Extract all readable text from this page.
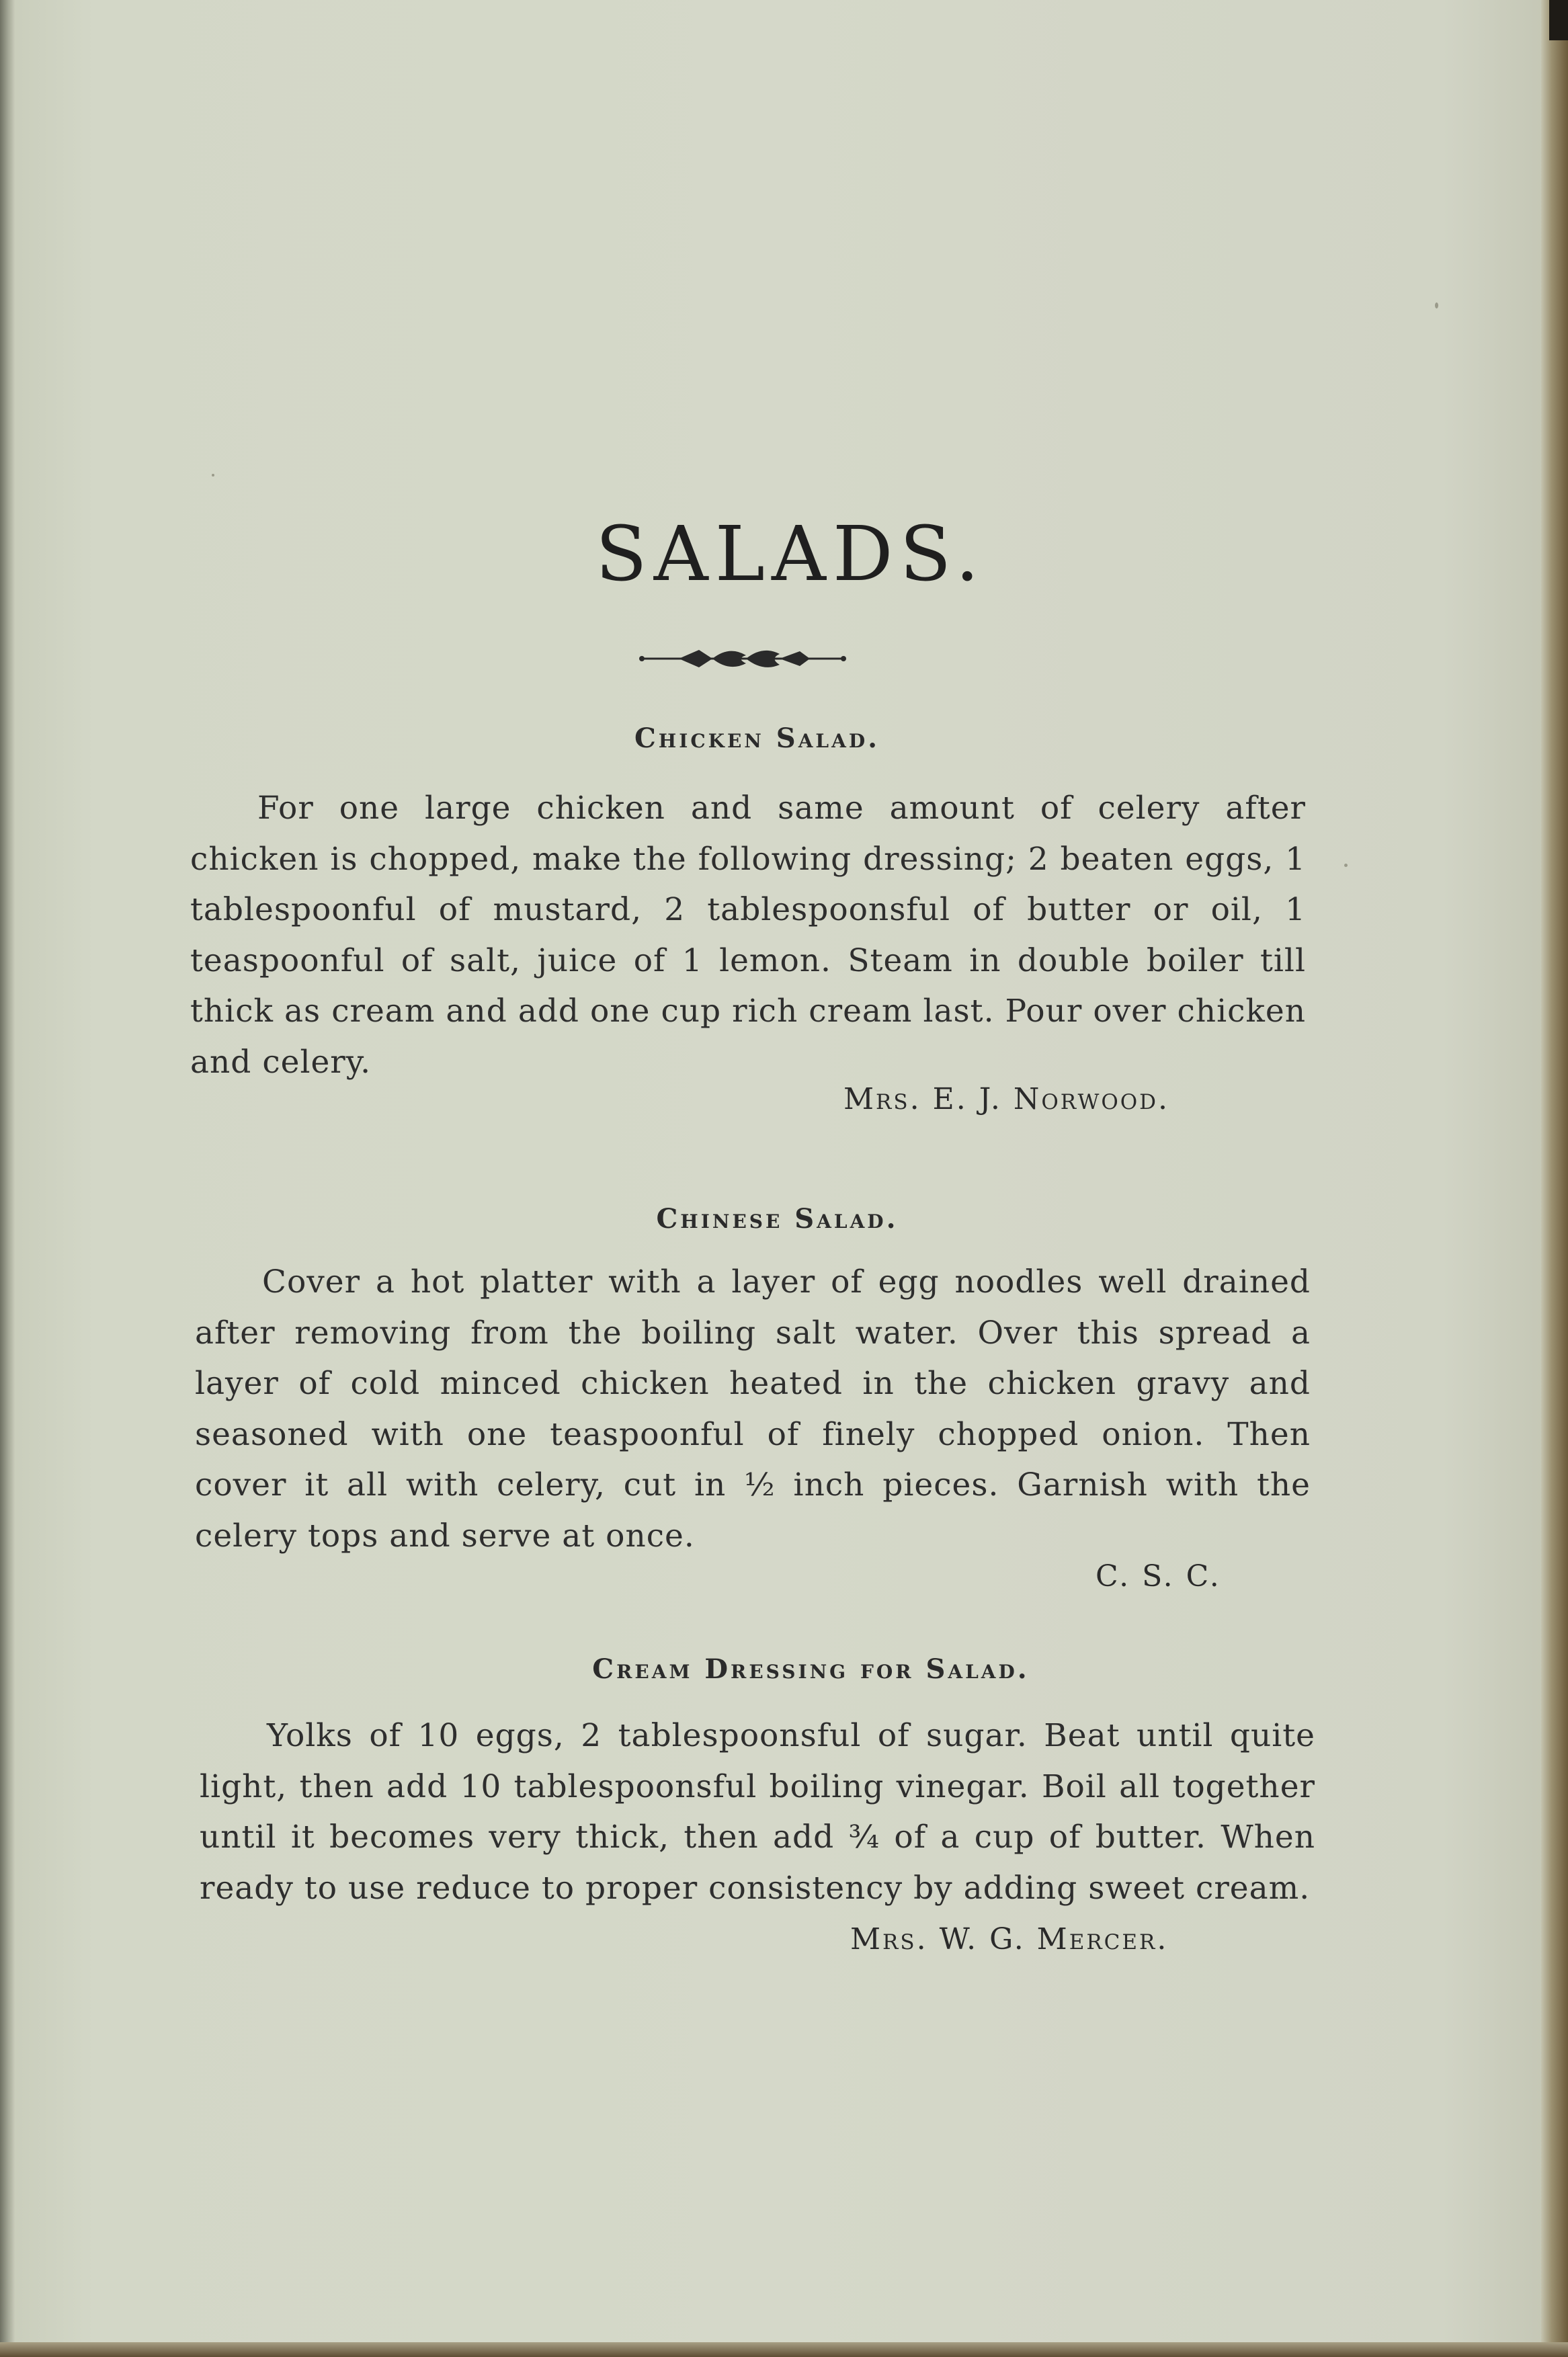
SALADS.
Chicken Salad.
For one large chicken and same amount of celery after chicken is chopped, make the following dressing; 2 beaten eggs, 1 tablespoonful of mustard, 2 tablespoonsful of butter or oil, 1 teaspoonful of salt, juice of 1 lemon. Steam in double boiler till thick as cream and add one cup rich cream last. Pour over chicken and celery.
Mrs. E. J. Norwood.
Chinese Salad.
Cover a hot platter with a layer of egg noodles well drained after removing from the boiling salt water. Over this spread a layer of cold minced chicken heated in the chicken gravy and seasoned with one teaspoonful of finely chopped onion. Then cover it all with celery, cut in ½ inch pieces. Garnish with the celery tops and serve at once.
C. S. C.
Cream Dressing for Salad.
Yolks of 10 eggs, 2 tablespoonsful of sugar. Beat until quite light, then add 10 tablespoonsful boiling vinegar. Boil all together until it becomes very thick, then add ¾ of a cup of butter. When ready to use reduce to proper consistency by adding sweet cream.
Mrs. W. G. Mercer.
